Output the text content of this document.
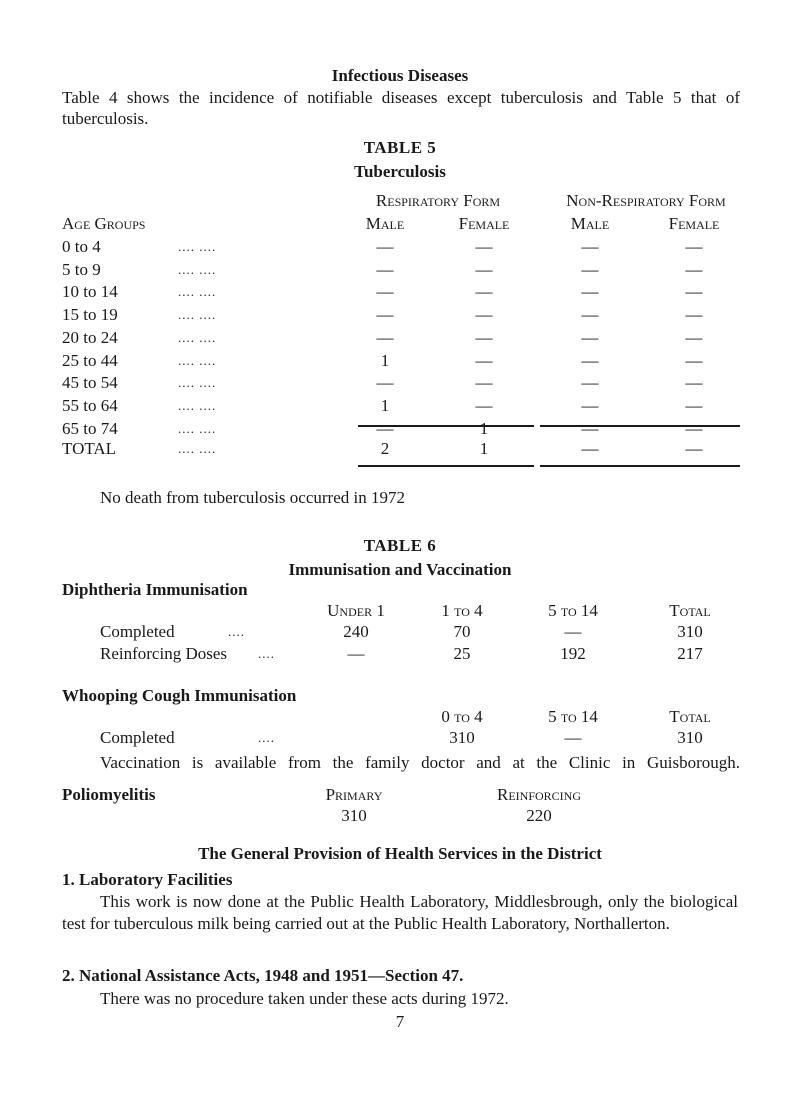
Infectious Diseases
Table 4 shows the incidence of notifiable diseases except tuberculosis and Table 5 that of tuberculosis.
TABLE 5
Tuberculosis
Respiratory Form	Non-Respiratory Form
Age Groups	Male	Female	Male	Female
0 to 4	.... ....	—	—	—	—
5 to 9	.... ....	—	—	—	—
10 to 14	.... ....	—	—	—	—
15 to 19	.... ....	—	—	—	—
20 to 24	.... ....	—	—	—	—
25 to 44	.... ....	1	—	—	—
45 to 54	.... ....	—	—	—	—
55 to 64	.... ....	1	—	—	—
65 to 74	.... ....	—	1	—	—
TOTAL	.... ....	2	1	—	—
No death from tuberculosis occurred in 1972
TABLE 6
Immunisation and Vaccination
Diphtheria Immunisation
Under 1	1 to 4	5 to 14	Total
Completed	....	240	70	—	310
Reinforcing Doses ....	—	25	192	217
Whooping Cough Immunisation
0 to 4	5 to 14	Total
Completed	....	310	—	310
Vaccination is available from the family doctor and at the Clinic in Guisborough.
Poliomyelitis	Primary	Reinforcing
310	220
The General Provision of Health Services in the District
1. Laboratory Facilities
This work is now done at the Public Health Laboratory, Middlesbrough, only the biological test for tuberculous milk being carried out at the Public Health Laboratory, Northallerton.
2. National Assistance Acts, 1948 and 1951—Section 47.
There was no procedure taken under these acts during 1972.
7
